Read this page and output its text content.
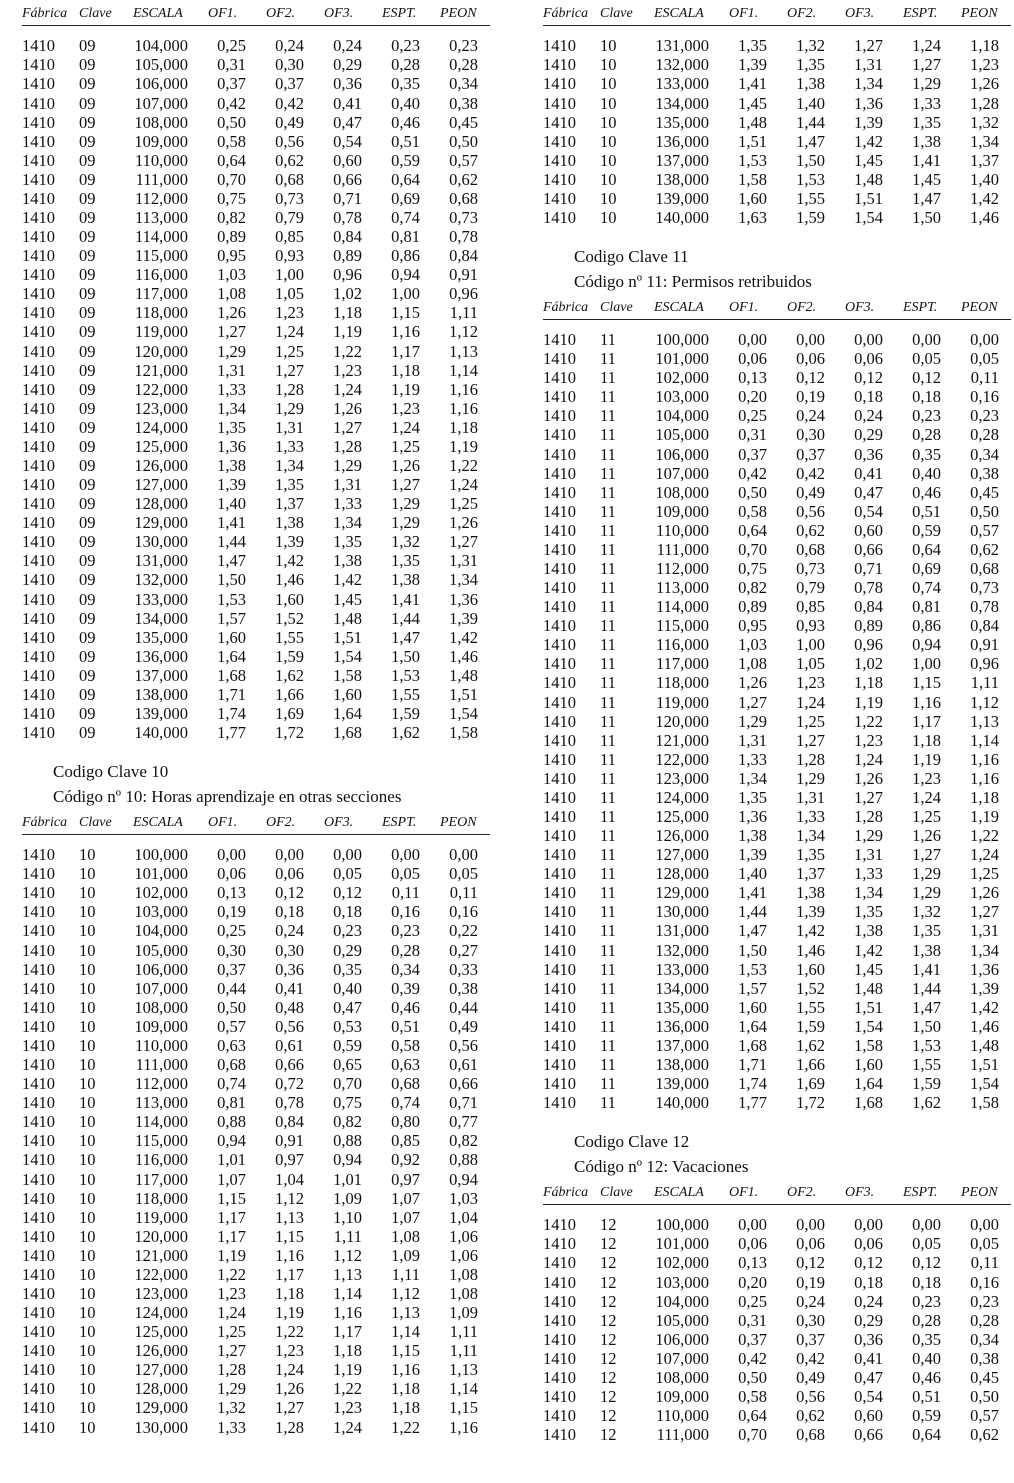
Fábrica Clave	ESCALA	OF1.	OF2.	OF3.	ESPT.	PEON
1410	09	104,000	0,25	0,24	0,24	0,23	0,23
1410	09	105,000	0,31	0,30	0,29	0,28	0,28
1410	09	106,000	0,37	0,37	0,36	0,35	0,34
1410	09	107,000	0,42	0,42	0,41	0,40	0,38
1410	09	108,000	0,50	0,49	0,47	0,46	0,45
1410	09	109,000	0,58	0,56	0,54	0,51	0,50
1410	09	110,000	0,64	0,62	0,60	0,59	0,57
1410	09	111,000	0,70	0,68	0,66	0,64	0,62
1410	09	112,000	0,75	0,73	0,71	0,69	0,68
1410	09	113,000	0,82	0,79	0,78	0,74	0,73
1410	09	114,000	0,89	0,85	0,84	0,81	0,78
1410	09	115,000	0,95	0,93	0,89	0,86	0,84
1410	09	116,000	1,03	1,00	0,96	0,94	0,91
1410	09	117,000	1,08	1,05	1,02	1,00	0,96
1410	09	118,000	1,26	1,23	1,18	1,15	1,11
1410	09	119,000	1,27	1,24	1,19	1,16	1,12
1410	09	120,000	1,29	1,25	1,22	1,17	1,13
1410	09	121,000	1,31	1,27	1,23	1,18	1,14
1410	09	122,000	1,33	1,28	1,24	1,19	1,16
1410	09	123,000	1,34	1,29	1,26	1,23	1,16
1410	09	124,000	1,35	1,31	1,27	1,24	1,18
1410	09	125,000	1,36	1,33	1,28	1,25	1,19
1410	09	126,000	1,38	1,34	1,29	1,26	1,22
1410	09	127,000	1,39	1,35	1,31	1,27	1,24
1410	09	128,000	1,40	1,37	1,33	1,29	1,25
1410	09	129,000	1,41	1,38	1,34	1,29	1,26
1410	09	130,000	1,44	1,39	1,35	1,32	1,27
1410	09	131,000	1,47	1,42	1,38	1,35	1,31
1410	09	132,000	1,50	1,46	1,42	1,38	1,34
1410	09	133,000	1,53	1,60	1,45	1,41	1,36
1410	09	134,000	1,57	1,52	1,48	1,44	1,39
1410	09	135,000	1,60	1,55	1,51	1,47	1,42
1410	09	136,000	1,64	1,59	1,54	1,50	1,46
1410	09	137,000	1,68	1,62	1,58	1,53	1,48
1410	09	138,000	1,71	1,66	1,60	1,55	1,51
1410	09	139,000	1,74	1,69	1,64	1,59	1,54
1410	09	140,000	1,77	1,72	1,68	1,62	1,58
Codigo Clave 10
Código nº 10: Horas aprendizaje en otras secciones
Fábrica Clave	ESCALA	OF1.	OF2.	OF3.	ESPT.	PEON
1410	10	100,000	0,00	0,00	0,00	0,00	0,00
1410	10	101,000	0,06	0,06	0,05	0,05	0,05
1410	10	102,000	0,13	0,12	0,12	0,11	0,11
1410	10	103,000	0,19	0,18	0,18	0,16	0,16
1410	10	104,000	0,25	0,24	0,23	0,23	0,22
1410	10	105,000	0,30	0,30	0,29	0,28	0,27
1410	10	106,000	0,37	0,36	0,35	0,34	0,33
1410	10	107,000	0,44	0,41	0,40	0,39	0,38
1410	10	108,000	0,50	0,48	0,47	0,46	0,44
1410	10	109,000	0,57	0,56	0,53	0,51	0,49
1410	10	110,000	0,63	0,61	0,59	0,58	0,56
1410	10	111,000	0,68	0,66	0,65	0,63	0,61
1410	10	112,000	0,74	0,72	0,70	0,68	0,66
1410	10	113,000	0,81	0,78	0,75	0,74	0,71
1410	10	114,000	0,88	0,84	0,82	0,80	0,77
1410	10	115,000	0,94	0,91	0,88	0,85	0,82
1410	10	116,000	1,01	0,97	0,94	0,92	0,88
1410	10	117,000	1,07	1,04	1,01	0,97	0,94
1410	10	118,000	1,15	1,12	1,09	1,07	1,03
1410	10	119,000	1,17	1,13	1,10	1,07	1,04
1410	10	120,000	1,17	1,15	1,11	1,08	1,06
1410	10	121,000	1,19	1,16	1,12	1,09	1,06
1410	10	122,000	1,22	1,17	1,13	1,11	1,08
1410	10	123,000	1,23	1,18	1,14	1,12	1,08
1410	10	124,000	1,24	1,19	1,16	1,13	1,09
1410	10	125,000	1,25	1,22	1,17	1,14	1,11
1410	10	126,000	1,27	1,23	1,18	1,15	1,11
1410	10	127,000	1,28	1,24	1,19	1,16	1,13
1410	10	128,000	1,29	1,26	1,22	1,18	1,14
1410	10	129,000	1,32	1,27	1,23	1,18	1,15
1410	10	130,000	1,33	1,28	1,24	1,22	1,16
Fábrica Clave	ESCALA	OF1.	OF2.	OF3.	ESPT.	PEON
1410	10	131,000	1,35	1,32	1,27	1,24	1,18
1410	10	132,000	1,39	1,35	1,31	1,27	1,23
1410	10	133,000	1,41	1,38	1,34	1,29	1,26
1410	10	134,000	1,45	1,40	1,36	1,33	1,28
1410	10	135,000	1,48	1,44	1,39	1,35	1,32
1410	10	136,000	1,51	1,47	1,42	1,38	1,34
1410	10	137,000	1,53	1,50	1,45	1,41	1,37
1410	10	138,000	1,58	1,53	1,48	1,45	1,40
1410	10	139,000	1,60	1,55	1,51	1,47	1,42
1410	10	140,000	1,63	1,59	1,54	1,50	1,46
Codigo Clave 11
Código nº 11: Permisos retribuidos
Fábrica Clave	ESCALA	OF1.	OF2.	OF3.	ESPT.	PEON
1410	11	100,000	0,00	0,00	0,00	0,00	0,00
1410	11	101,000	0,06	0,06	0,06	0,05	0,05
1410	11	102,000	0,13	0,12	0,12	0,12	0,11
1410	11	103,000	0,20	0,19	0,18	0,18	0,16
1410	11	104,000	0,25	0,24	0,24	0,23	0,23
1410	11	105,000	0,31	0,30	0,29	0,28	0,28
1410	11	106,000	0,37	0,37	0,36	0,35	0,34
1410	11	107,000	0,42	0,42	0,41	0,40	0,38
1410	11	108,000	0,50	0,49	0,47	0,46	0,45
1410	11	109,000	0,58	0,56	0,54	0,51	0,50
1410	11	110,000	0,64	0,62	0,60	0,59	0,57
1410	11	111,000	0,70	0,68	0,66	0,64	0,62
1410	11	112,000	0,75	0,73	0,71	0,69	0,68
1410	11	113,000	0,82	0,79	0,78	0,74	0,73
1410	11	114,000	0,89	0,85	0,84	0,81	0,78
1410	11	115,000	0,95	0,93	0,89	0,86	0,84
1410	11	116,000	1,03	1,00	0,96	0,94	0,91
1410	11	117,000	1,08	1,05	1,02	1,00	0,96
1410	11	118,000	1,26	1,23	1,18	1,15	1,11
1410	11	119,000	1,27	1,24	1,19	1,16	1,12
1410	11	120,000	1,29	1,25	1,22	1,17	1,13
1410	11	121,000	1,31	1,27	1,23	1,18	1,14
1410	11	122,000	1,33	1,28	1,24	1,19	1,16
1410	11	123,000	1,34	1,29	1,26	1,23	1,16
1410	11	124,000	1,35	1,31	1,27	1,24	1,18
1410	11	125,000	1,36	1,33	1,28	1,25	1,19
1410	11	126,000	1,38	1,34	1,29	1,26	1,22
1410	11	127,000	1,39	1,35	1,31	1,27	1,24
1410	11	128,000	1,40	1,37	1,33	1,29	1,25
1410	11	129,000	1,41	1,38	1,34	1,29	1,26
1410	11	130,000	1,44	1,39	1,35	1,32	1,27
1410	11	131,000	1,47	1,42	1,38	1,35	1,31
1410	11	132,000	1,50	1,46	1,42	1,38	1,34
1410	11	133,000	1,53	1,60	1,45	1,41	1,36
1410	11	134,000	1,57	1,52	1,48	1,44	1,39
1410	11	135,000	1,60	1,55	1,51	1,47	1,42
1410	11	136,000	1,64	1,59	1,54	1,50	1,46
1410	11	137,000	1,68	1,62	1,58	1,53	1,48
1410	11	138,000	1,71	1,66	1,60	1,55	1,51
1410	11	139,000	1,74	1,69	1,64	1,59	1,54
1410	11	140,000	1,77	1,72	1,68	1,62	1,58
Codigo Clave 12
Código nº 12: Vacaciones
Fábrica Clave	ESCALA	OF1.	OF2.	OF3.	ESPT.	PEON
1410	12	100,000	0,00	0,00	0,00	0,00	0,00
1410	12	101,000	0,06	0,06	0,06	0,05	0,05
1410	12	102,000	0,13	0,12	0,12	0,12	0,11
1410	12	103,000	0,20	0,19	0,18	0,18	0,16
1410	12	104,000	0,25	0,24	0,24	0,23	0,23
1410	12	105,000	0,31	0,30	0,29	0,28	0,28
1410	12	106,000	0,37	0,37	0,36	0,35	0,34
1410	12	107,000	0,42	0,42	0,41	0,40	0,38
1410	12	108,000	0,50	0,49	0,47	0,46	0,45
1410	12	109,000	0,58	0,56	0,54	0,51	0,50
1410	12	110,000	0,64	0,62	0,60	0,59	0,57
1410	12	111,000	0,70	0,68	0,66	0,64	0,62
